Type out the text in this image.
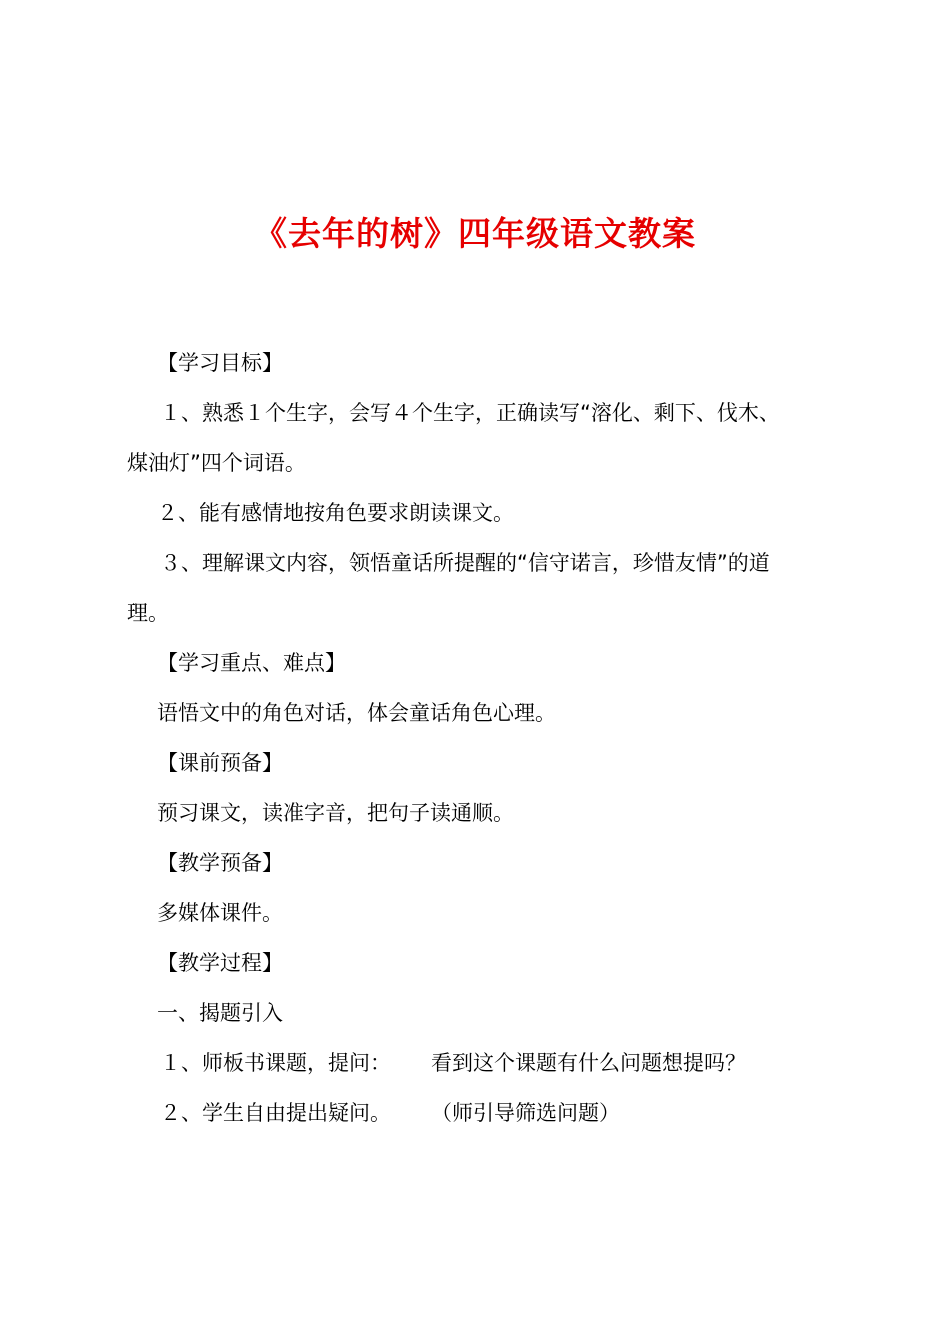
《去年的树》四年级语文教案
【学习目标】
１、熟悉１个生字，会写４个生字，正确读写“溶化、剩下、伐木、
煤油灯”四个词语。
２、能有感情地按角色要求朗读课文。
３、理解课文内容，领悟童话所提醒的“信守诺言，珍惜友情”的道
理。
【学习重点、难点】
语悟文中的角色对话，体会童话角色心理。
【课前预备】
预习课文，读准字音，把句子读通顺。
【教学预备】
多媒体课件。
【教学过程】
一、揭题引入
１、师板书课题，提问： 看到这个课题有什么问题想提吗？
２、学生自由提出疑问。 （师引导筛选问题）
